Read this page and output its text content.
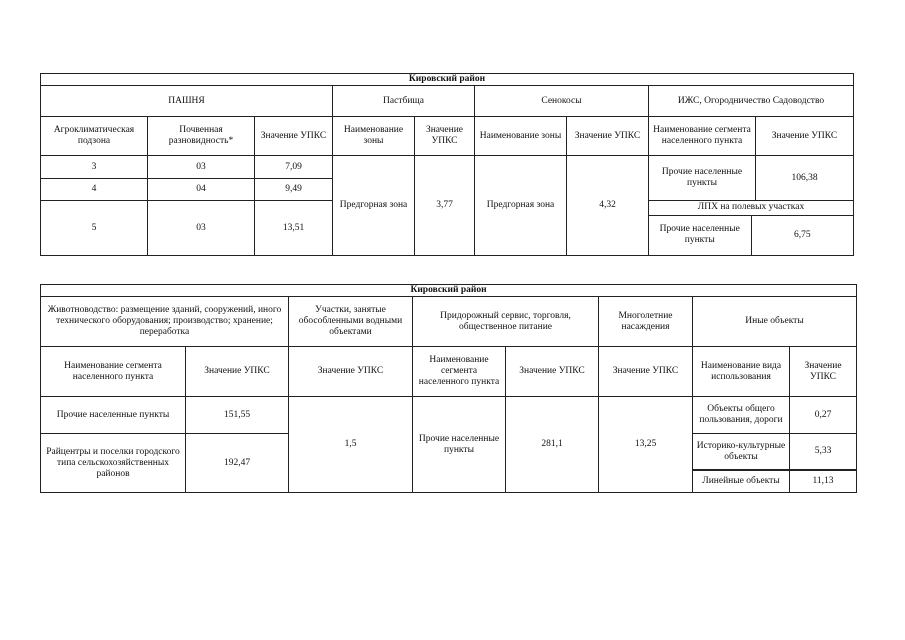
Кировский район
ПАШНЯ	Пастбища	Сенокосы	ИЖС, Огородничество Садоводство
Агроклиматическая подзона	Почвенная разновидность*	Значение УПКС	Наименование зоны	Значение УПКС	Наименование зоны	Значение УПКС	Наименование сегмента населенного пункта	Значение УПКС
3	03	7,09	Предгорная зона	3,77	Предгорная зона	4,32	Прочие населенные пункты	106,38
4	04	9,49
5	03	13,51	
ЛПХ на полевых участках
Прочие населенные пункты	6,75
Кировский район							
Животноводство: размещение зданий, сооружений, иного технического оборудования; производство; хранение; переработка		Участки, занятые обособленными водными объектами	Придорожный сервис, торговля, общественное питание		Многолетние насаждения	Иные объекты	
Наименование сегмента населенного пункта	Значение УПКС	Значение УПКС	Наименование сегмента населенного пункта	Значение УПКС	Значение УПКС	Наименование вида использования	Значение УПКС
Прочие населенные пункты	151,55	1,5	Прочие населенные пункты	281,1	13,25	Объекты общего пользования, дороги	0,27

Райцентры и поселки городского типа сельскохозяйственных районов	192,47					Историко-культурные объекты	5,33

						Линейные объекты	11,13
